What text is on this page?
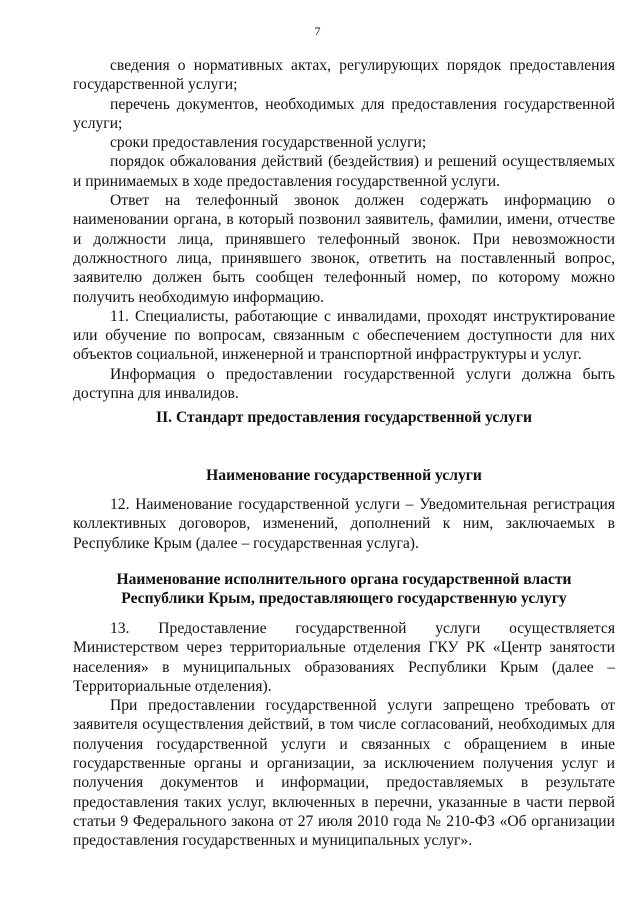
7

сведения о нормативных актах, регулирующих порядок предоставления государственной услуги;

перечень документов, необходимых для предоставления государственной услуги;

сроки предоставления государственной услуги;

порядок обжалования действий (бездействия) и решений осуществляемых и принимаемых в ходе предоставления государственной услуги.

Ответ на телефонный звонок должен содержать информацию о наименовании органа, в который позвонил заявитель, фамилии, имени, отчестве и должности лица, принявшего телефонный звонок. При невозможности должностного лица, принявшего звонок, ответить на поставленный вопрос, заявителю должен быть сообщен телефонный номер, по которому можно получить необходимую информацию.

11. Специалисты, работающие с инвалидами, проходят инструктирование или обучение по вопросам, связанным с обеспечением доступности для них объектов социальной, инженерной и транспортной инфраструктуры и услуг.

Информация о предоставлении государственной услуги должна быть доступна для инвалидов.

II. Стандарт предоставления государственной услуги
Наименование государственной услуги

12. Наименование государственной услуги – Уведомительная регистрация коллективных договоров, изменений, дополнений к ним, заключаемых в Республике Крым (далее – государственная услуга).

Наименование исполнительного органа государственной власти
Республики Крым, предоставляющего государственную услугу

13. Предоставление государственной услуги осуществляется Министерством через территориальные отделения ГКУ РК «Центр занятости населения» в муниципальных образованиях Республики Крым (далее – Территориальные отделения).

При предоставлении государственной услуги запрещено требовать от заявителя осуществления действий, в том числе согласований, необходимых для получения государственной услуги и связанных с обращением в иные государственные органы и организации, за исключением получения услуг и получения документов и информации, предоставляемых в результате предоставления таких услуг, включенных в перечни, указанные в части первой статьи 9 Федерального закона от 27 июля 2010 года № 210-ФЗ «Об организации предоставления государственных и муниципальных услуг».
